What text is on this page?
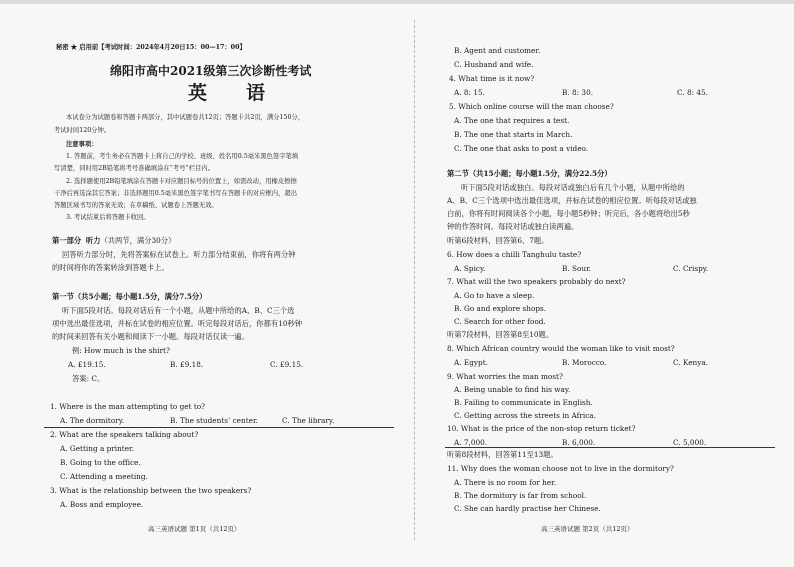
秘密 ★ 启用前【考试时间：2024年4月20日15：00—17：00】
绵阳市高中2021级第三次诊断性考试
英　语
本试卷分为试题卷和答题卡两部分，其中试题卷共12页；答题卡共2页，满分150分，
考试时间120分钟。
注意事项：
1. 答题前，考生务必在答题卡上将自己的学校、班级、姓名用0.5毫米黑色签字笔填
写清楚，同时用2B铅笔将考号准确填涂在“考号”栏目内。
2. 选择题使用2B铅笔填涂在答题卡对应题目标号的位置上，如需改动，用橡皮擦擦
干净后再选涂其它答案；非选择题用0.5毫米黑色签字笔书写在答题卡的对应框内，超出
答题区域书写的答案无效；在草稿纸、试题卷上答题无效。
3. 考试结束后将答题卡收回。
第一部分 听力（共两节，满分30分）
回答听力部分时，先将答案标在试卷上。听力部分结束前，你将有两分钟
的时间将你的答案转涂到答题卡上。
第一节（共5小题；每小题1.5分，满分7.5分）
听下面5段对话。每段对话后有一个小题，从题中所给的A、B、C三个选
项中选出最佳选项，并标在试卷的相应位置。听完每段对话后，你都有10秒钟
的时间来回答有关小题和阅读下一小题。每段对话仅读一遍。
例: How much is the shirt?
A. £19.15.	B. £9.18.	C. £9.15.
答案: C。
1. Where is the man attempting to get to?
A. The dormitory.	B. The students’ center.	C. The library.
2. What are the speakers talking about?
A. Getting a printer.
B. Going to the office.
C. Attending a meeting.
3. What is the relationship between the two speakers?
A. Boss and employee.
高三英语试题 第1页（共12页）
B. Agent and customer.
C. Husband and wife.
4. What time is it now?
A. 8: 15.	B. 8: 30.	C. 8: 45.
5. Which online course will the man choose?
A. The one that requires a test.
B. The one that starts in March.
C. The one that asks to post a video.
第二节（共15小题；每小题1.5分，满分22.5分）
听下面5段对话或独白。每段对话或独白后有几个小题，从题中所给的
A、B、C三个选项中选出最佳选项，并标在试卷的相应位置。听每段对话或独
白前，你将有时间阅读各个小题，每小题5秒钟；听完后，各小题将给出5秒
钟的作答时间。每段对话或独白读两遍。
听第6段材料，回答第6、7题。
6. How does a chilli Tanghulu taste?
A. Spicy.	B. Sour.	C. Crispy.
7. What will the two speakers probably do next?
A. Go to have a sleep.
B. Go and explore shops.
C. Search for other food.
听第7段材料，回答第8至10题。
8. Which African country would the woman like to visit most?
A. Egypt.	B. Morocco.	C. Kenya.
9. What worries the man most?
A. Being unable to find his way.
B. Failing to communicate in English.
C. Getting across the streets in Africa.
10. What is the price of the non-stop return ticket?
A. 7,000.	B. 6,000.	C. 5,000.
听第8段材料，回答第11至13题。
11. Why does the woman choose not to live in the dormitory?
A. There is no room for her.
B. The dormitory is far from school.
C. She can hardly practise her Chinese.
高三英语试题 第2页（共12页）
